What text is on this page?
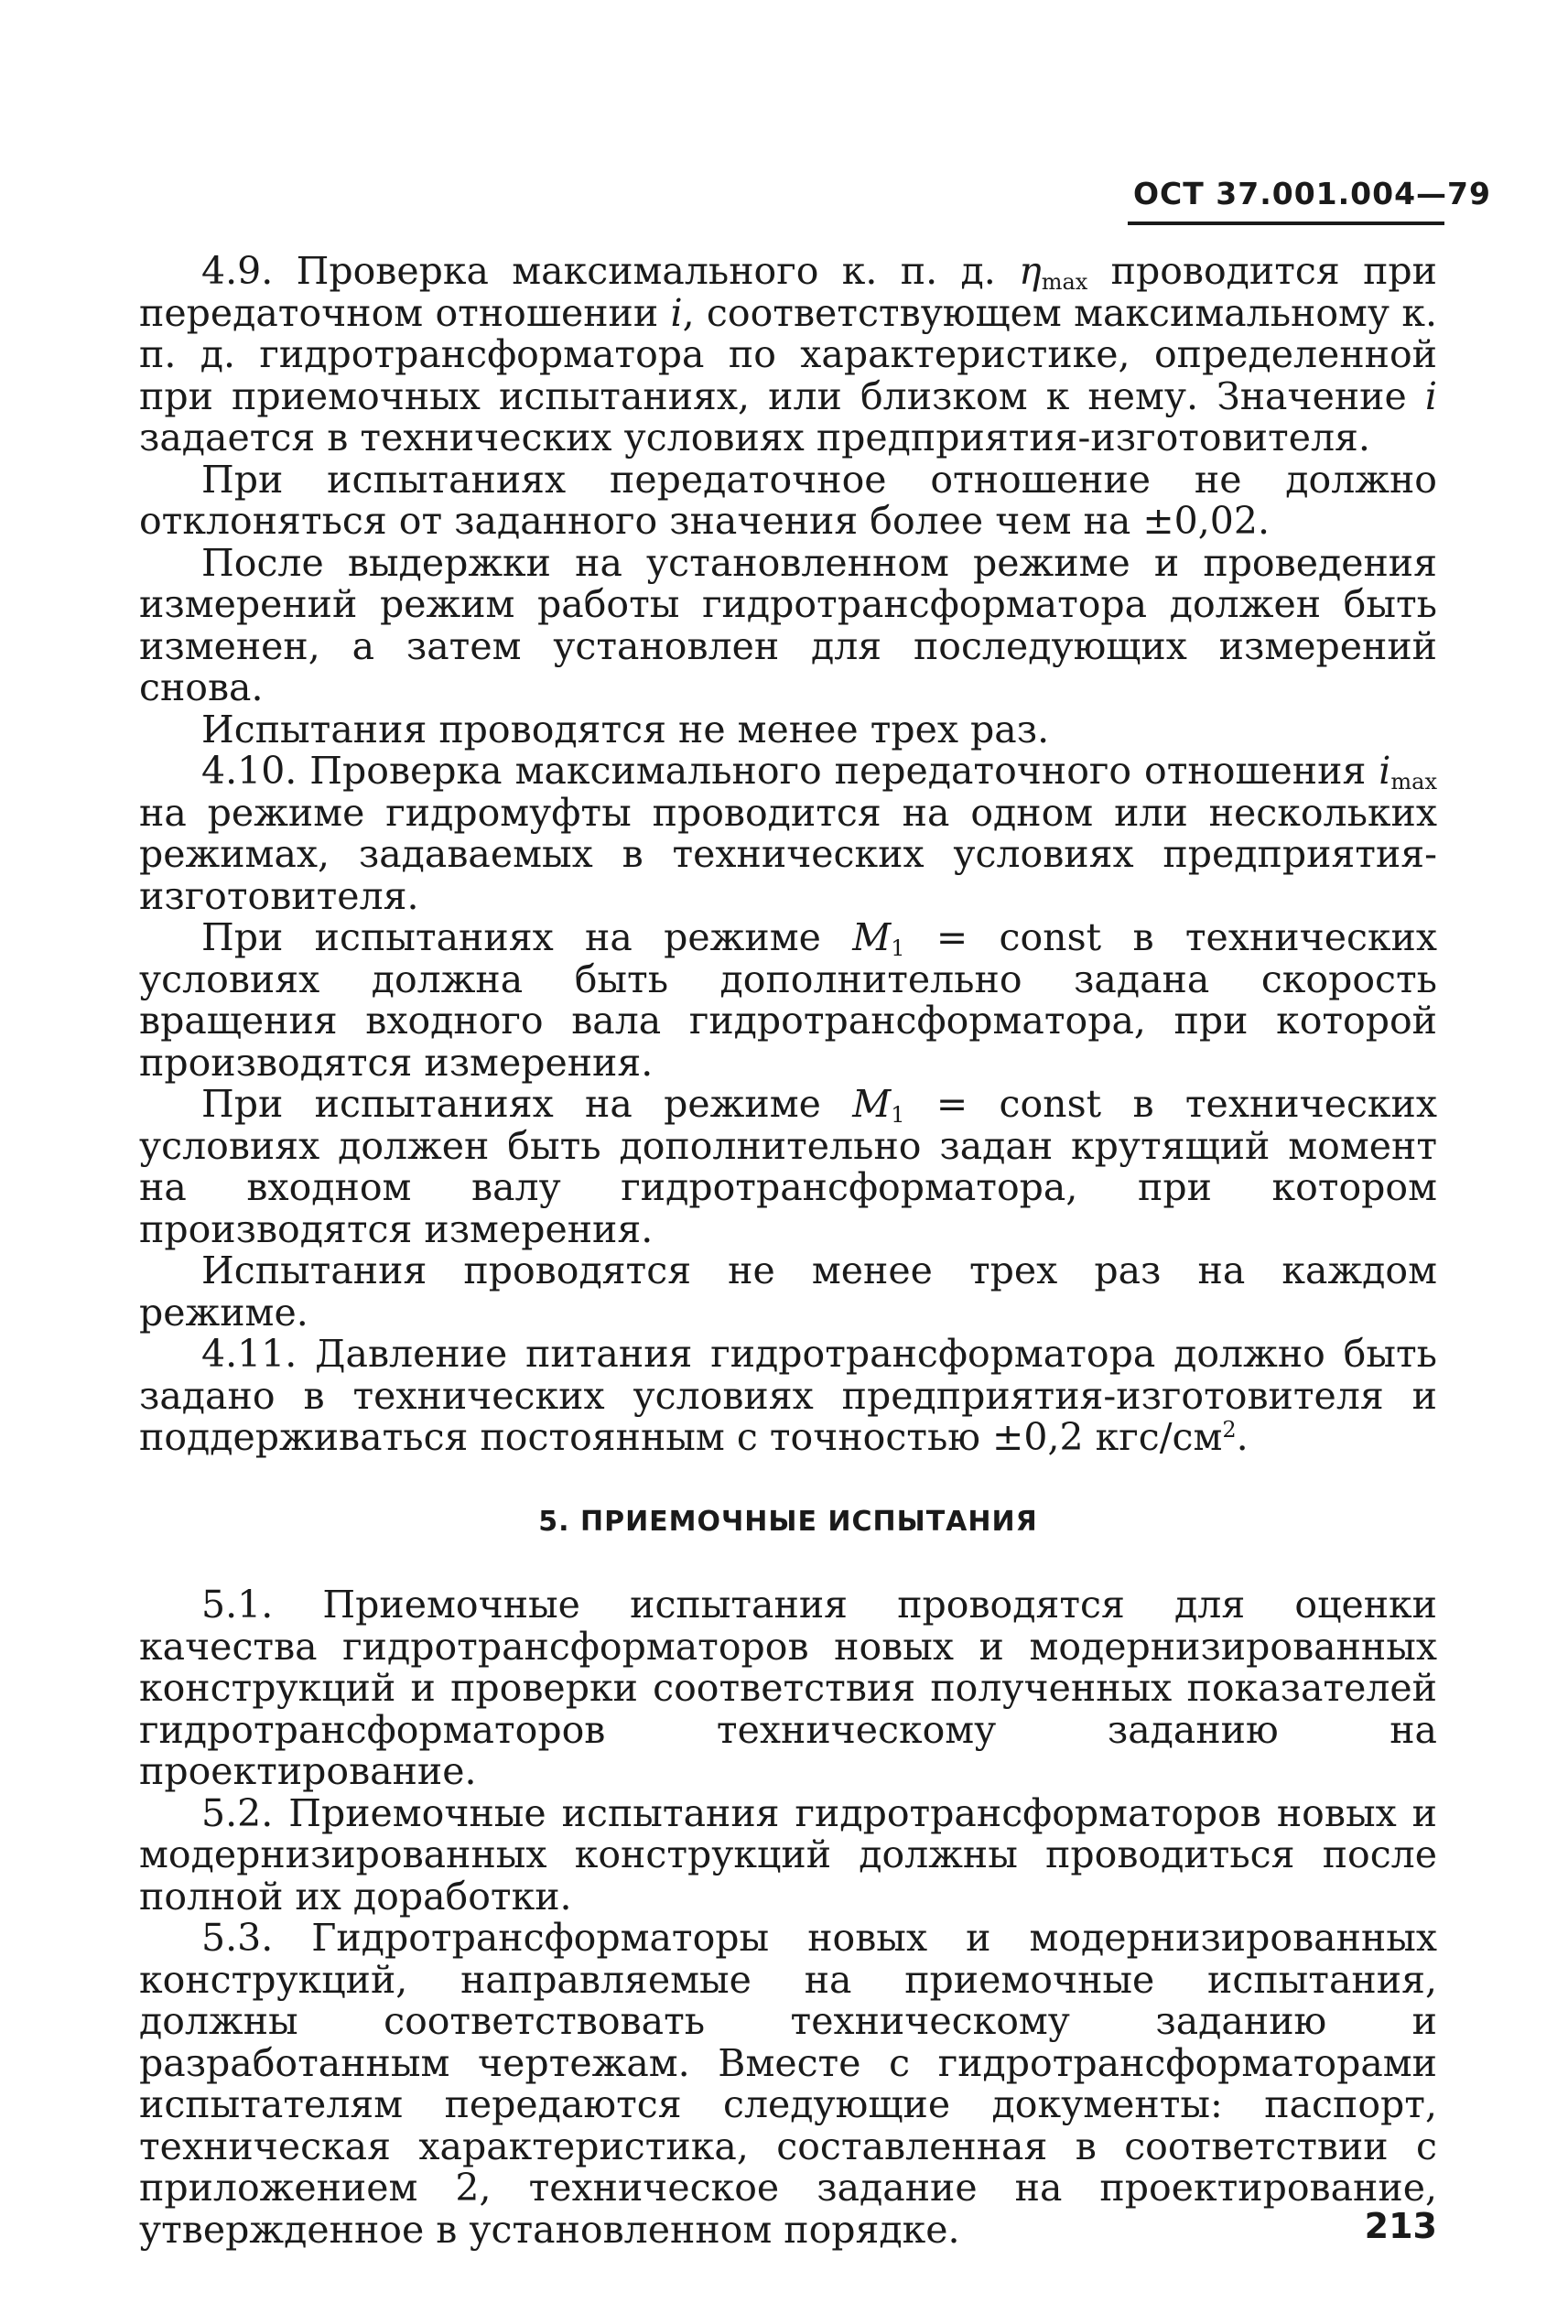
ОСТ 37.001.004—79

4.9. Проверка максимального к. п. д. $\eta_{max}$ проводится при передаточном отношении i, соответствующем максимальному к. п. д. гидротрансформатора по характеристике, определенной при приемочных испытаниях, или близком к нему. Значение i задается в технических условиях предприятия-изготовителя.

При испытаниях передаточное отношение не должно отклоняться от заданного значения более чем на ±0,02.

После выдержки на установленном режиме и проведения измерений режим работы гидротрансформатора должен быть изменен, а затем установлен для последующих измерений снова.

Испытания проводятся не менее трех раз.

4.10. Проверка максимального передаточного отношения $i_{max}$ на режиме гидромуфты проводится на одном или нескольких режимах, задаваемых в технических условиях предприятия-изготовителя.

При испытаниях на режиме $M_1$ = const в технических условиях должна быть дополнительно задана скорость вращения входного вала гидротрансформатора, при которой производятся измерения.

При испытаниях на режиме $M_1$ = const в технических условиях должен быть дополнительно задан крутящий момент на входном валу гидротрансформатора, при котором производятся измерения.

Испытания проводятся не менее трех раз на каждом режиме.

4.11. Давление питания гидротрансформатора должно быть задано в технических условиях предприятия-изготовителя и поддерживаться постоянным с точностью ±0,2 кгс/$см^2$.

5. ПРИЕМОЧНЫЕ ИСПЫТАНИЯ

5.1. Приемочные испытания проводятся для оценки качества гидротрансформаторов новых и модернизированных конструкций и проверки соответствия полученных показателей гидротрансформаторов техническому заданию на проектирование.

5.2. Приемочные испытания гидротрансформаторов новых и модернизированных конструкций должны проводиться после полной их доработки.

5.3. Гидротрансформаторы новых и модернизированных конструкций, направляемые на приемочные испытания, должны соответствовать техническому заданию и разработанным чертежам. Вместе с гидротрансформаторами испытателям передаются следующие документы: паспорт, техническая характеристика, составленная в соответствии с приложением 2, техническое задание на проектирование, утвержденное в установленном порядке.	213
